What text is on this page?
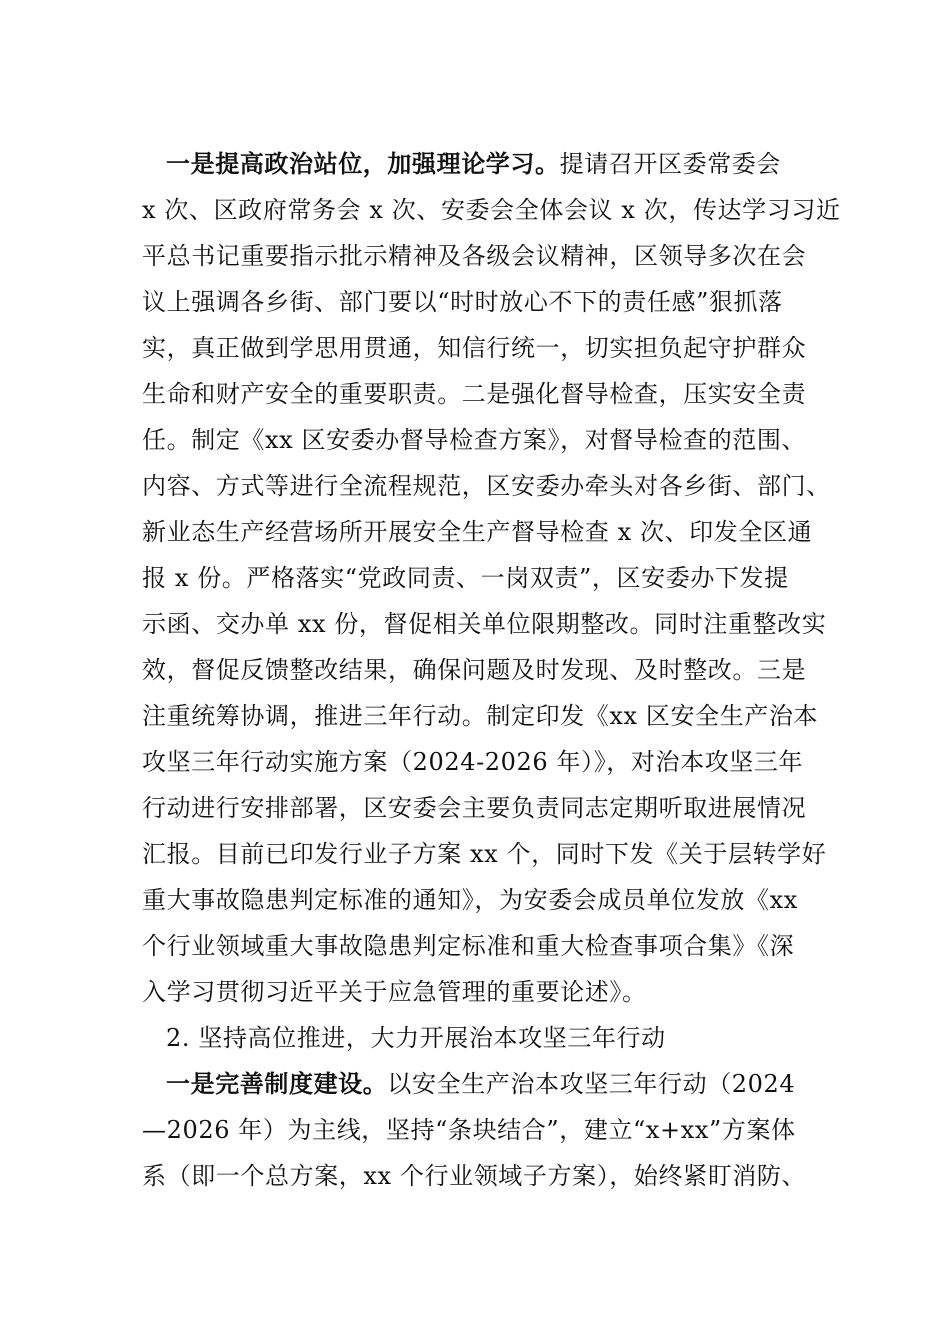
一是提高政治站位，加强理论学习。提请召开区委常委会
x 次、区政府常务会 x 次、安委会全体会议 x 次，传达学习习近
平总书记重要指示批示精神及各级会议精神，区领导多次在会
议上强调各乡街、部门要以“时时放心不下的责任感”狠抓落
实，真正做到学思用贯通，知信行统一，切实担负起守护群众
生命和财产安全的重要职责。二是强化督导检查，压实安全责
任。制定《xx 区安委办督导检查方案》，对督导检查的范围、
内容、方式等进行全流程规范，区安委办牵头对各乡街、部门、
新业态生产经营场所开展安全生产督导检查 x 次、印发全区通
报 x 份。严格落实“党政同责、一岗双责”，区安委办下发提
示函、交办单 xx 份，督促相关单位限期整改。同时注重整改实
效，督促反馈整改结果，确保问题及时发现、及时整改。三是
注重统筹协调，推进三年行动。制定印发《xx 区安全生产治本
攻坚三年行动实施方案（2024-2026 年）》，对治本攻坚三年
行动进行安排部署，区安委会主要负责同志定期听取进展情况
汇报。目前已印发行业子方案 xx 个，同时下发《关于层转学好
重大事故隐患判定标准的通知》，为安委会成员单位发放《xx
个行业领域重大事故隐患判定标准和重大检查事项合集》《深
入学习贯彻习近平关于应急管理的重要论述》。
2. 坚持高位推进，大力开展治本攻坚三年行动
一是完善制度建设。以安全生产治本攻坚三年行动（2024
—2026 年）为主线，坚持“条块结合”，建立“x+xx”方案体
系（即一个总方案，xx 个行业领域子方案），始终紧盯消防、
